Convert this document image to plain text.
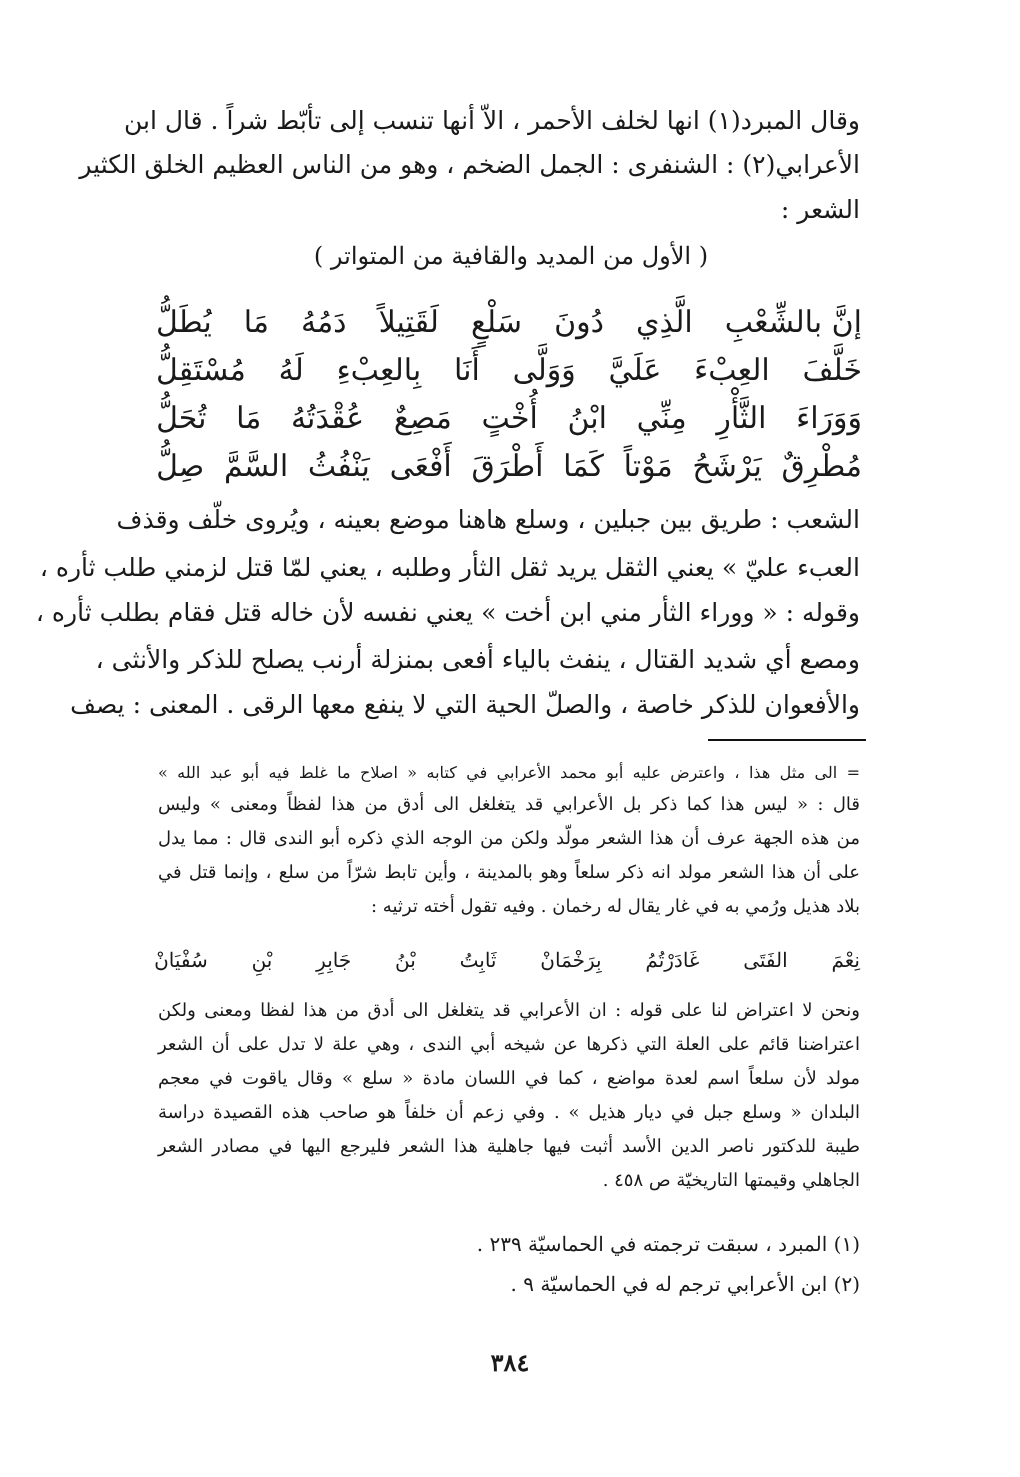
وقال المبرد(١) انها لخلف الأحمر ، الاّ أنها تنسب إلى تأبّط شراً . قال ابن
الأعرابي(٢) : الشنفرى : الجمل الضخم ، وهو من الناس العظيم الخلق الكثير
الشعر :
( الأول من المديد والقافية من المتواتر )
إنَّ بالشِّعْبِ
الَّذِي
دُونَ
سَلْعٍ
لَقَتِيلاً
دَمُهُ
مَا
يُطَلُّ
خَلَّفَ
العِبْءَ
عَلَيَّ
وَوَلَّى
أَنَا
بِالعِبْءِ
لَهُ
مُسْتَقِلُّ
وَوَرَاءَ
الثَّأْرِ
مِنِّي
ابْنُ
أُخْتٍ
مَصِعٌ
عُقْدَتُهُ
مَا
تُحَلُّ
مُطْرِقٌ
يَرْشَحُ
مَوْتاً
كَمَا
أَطْرَقَ
أَفْعَى
يَنْفُثُ
السَّمَّ
صِلُّ
الشعب : طريق بين جبلين ، وسلع هاهنا موضع بعينه ، ويُروى خلّف وقذف
العبء عليّ » يعني الثقل يريد ثقل الثأر وطلبه ، يعني لمّا قتل لزمني طلب ثأره ،
وقوله : « ووراء الثأر مني ابن أخت » يعني نفسه لأن خاله قتل فقام بطلب ثأره ،
ومصع أي شديد القتال ، ينفث بالياء أفعى بمنزلة أرنب يصلح للذكر والأنثى ،
والأفعوان للذكر خاصة ، والصلّ الحية التي لا ينفع معها الرقى . المعنى : يصف
= الى مثل هذا ، واعترض عليه أبو محمد الأعرابي في كتابه « اصلاح ما غلط فيه أبو عبد الله »
قال : « ليس هذا كما ذكر بل الأعرابي قد يتغلغل الى أدق من هذا لفظاً ومعنى » وليس
من هذه الجهة عرف أن هذا الشعر مولّد ولكن من الوجه الذي ذكره أبو الندى قال : مما يدل
على أن هذا الشعر مولد انه ذكر سلعاً وهو بالمدينة ، وأين تابط شرّاً من سلع ، وإنما قتل في
بلاد هذيل ورُمي به في غار يقال له رخمان . وفيه تقول أخته ترثيه :
نِعْمَ
الفَتَى
غَادَرْتُمُ
بِرَخْمَانْ
ثَابِتُ
بْنُ
جَابِرِ
بْنِ
سُفْيَانْ
ونحن لا اعتراض لنا على قوله : ان الأعرابي قد يتغلغل الى أدق من هذا لفظا ومعنى ولكن
اعتراضنا قائم على العلة التي ذكرها عن شيخه أبي الندى ، وهي علة لا تدل على أن الشعر
مولد لأن سلعاً اسم لعدة مواضع ، كما في اللسان مادة « سلع » وقال ياقوت في معجم
البلدان « وسلع جبل في ديار هذيل » . وفي زعم أن خلفاً هو صاحب هذه القصيدة دراسة
طيبة للدكتور ناصر الدين الأسد أثبت فيها جاهلية هذا الشعر فليرجع اليها في مصادر الشعر
الجاهلي وقيمتها التاريخيّة ص ٤٥٨ .
(١) المبرد ، سبقت ترجمته في الحماسيّة ٢٣٩ .
(٢) ابن الأعرابي ترجم له في الحماسيّة ٩ .
٣٨٤
